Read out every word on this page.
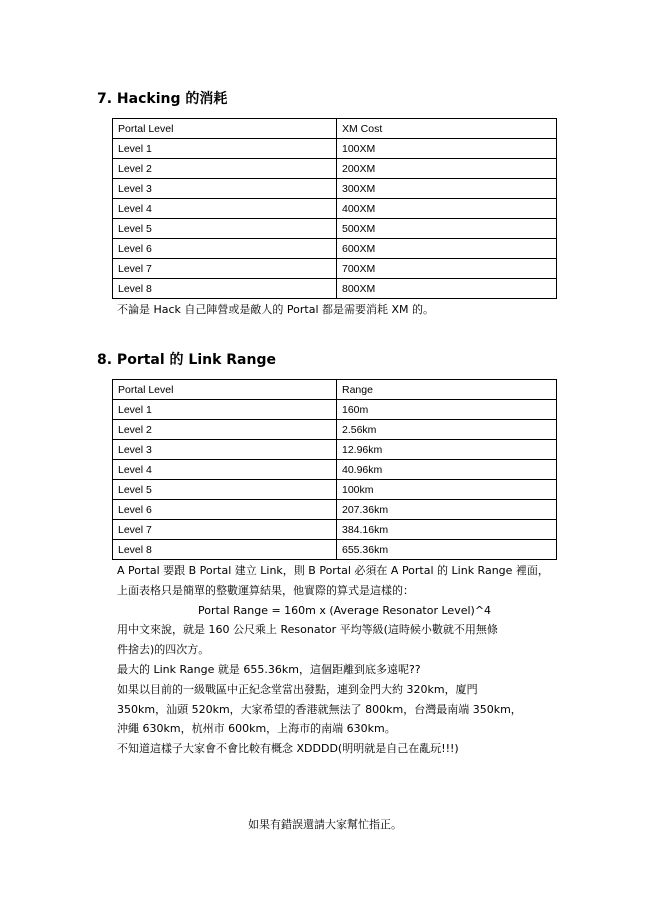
7. Hacking 的消耗
Portal Level	XM Cost
Level 1	100XM
Level 2	200XM
Level 3	300XM
Level 4	400XM
Level 5	500XM
Level 6	600XM
Level 7	700XM
Level 8	800XM

不論是 Hack 自己陣營或是敵人的 Portal 都是需要消耗 XM 的。

8. Portal 的 Link Range
Portal Level	Range
Level 1	160m
Level 2	2.56km
Level 3	12.96km
Level 4	40.96km
Level 5	100km
Level 6	207.36km
Level 7	384.16km
Level 8	655.36km
A Portal 要跟 B Portal 建立 Link，則 B Portal 必須在 A Portal 的 Link Range 裡面，
上面表格只是簡單的整數運算結果，他實際的算式是這樣的：
Portal Range = 160m x (Average Resonator Level)^4
用中文來說，就是 160 公尺乘上 Resonator 平均等級(這時候小數就不用無條
件捨去)的四次方。
最大的 Link Range 就是 655.36km，這個距離到底多遠呢??
如果以目前的一級戰區中正紀念堂當出發點，連到金門大約 320km，廈門
350km，汕頭 520km，大家希望的香港就無法了 800km，台灣最南端 350km，
沖繩 630km，杭州市 600km，上海市的南端 630km。
不知道這樣子大家會不會比較有概念 XDDDD(明明就是自己在亂玩!!!)

如果有錯誤還請大家幫忙指正。
